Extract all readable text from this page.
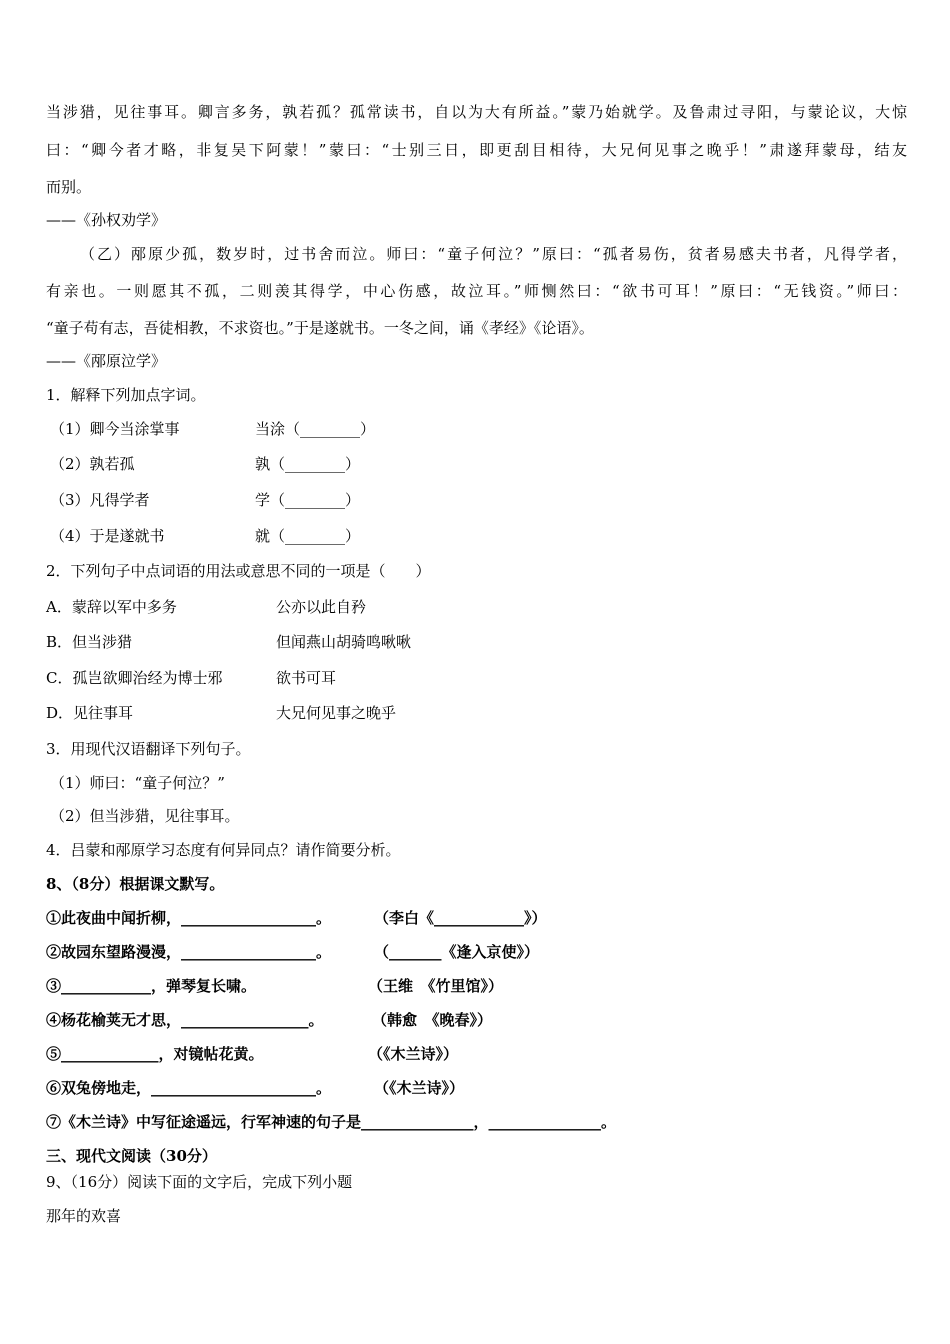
当涉猎，见往事耳。卿言多务，孰若孤？孤常读书，自以为大有所益。”蒙乃始就学。及鲁肃过寻阳，与蒙论议，大惊
曰：“卿今者才略，非复吴下阿蒙！”蒙曰：“士别三日，即更刮目相待，大兄何见事之晚乎！”肃遂拜蒙母，结友
而别。
——《孙权劝学》
（乙）邴原少孤，数岁时，过书舍而泣。师曰：“童子何泣？”原曰：“孤者易伤，贫者易感夫书者，凡得学者，
有亲也。一则愿其不孤，二则羡其得学，中心伤感，故泣耳。”师恻然曰：“欲书可耳！”原曰：“无钱资。”师曰：
“童子苟有志，吾徒相教，不求资也。”于是遂就书。一冬之间，诵《孝经》《论语》。
——《邴原泣学》
1．解释下列加点字词。
（1）卿今当涂掌事	当涂（________）
（2）孰若孤	孰（________）
（3）凡得学者	学（________）
（4）于是遂就书	就（________）
2．下列句子中点词语的用法或意思不同的一项是（　　）
A．蒙辞以军中多务	公亦以此自矜
B．但当涉猎	但闻燕山胡骑鸣啾啾
C．孤岂欲卿治经为博士邪	欲书可耳
D．见往事耳	大兄何见事之晚乎
3．用现代汉语翻译下列句子。
（1）师曰：“童子何泣？”
（2）但当涉猎，见往事耳。
4．吕蒙和邴原学习态度有何异同点？请作简要分析。
8、（8分）根据课文默写。
①此夜曲中闻折柳，__________________。	（李白《____________》）
②故园东望路漫漫，__________________。	（_______《逢入京使》）
③____________，弹琴复长啸。	（王维　《竹里馆》）
④杨花榆荚无才思，_________________。	（韩愈　《晚春》）
⑤_____________，对镜帖花黄。	（《木兰诗》）
⑥双兔傍地走，______________________。	（《木兰诗》）
⑦《木兰诗》中写征途遥远，行军神速的句子是_______________，_______________。
三、现代文阅读（30分）
9、（16分）阅读下面的文字后，完成下列小题
那年的欢喜
